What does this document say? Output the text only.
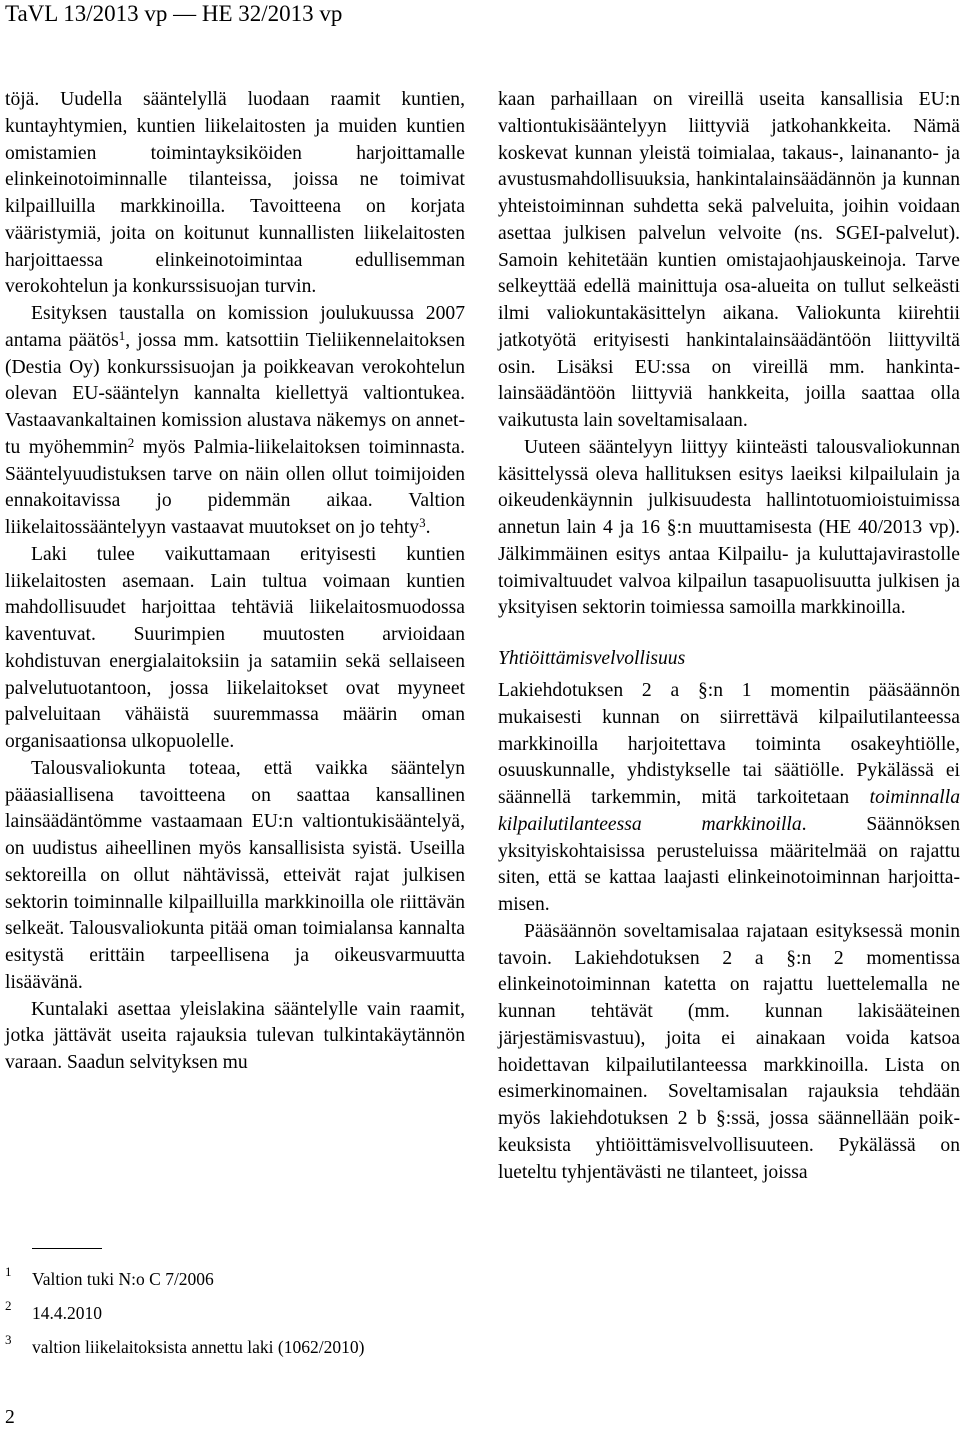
TaVL 13/2013 vp — HE 32/2013 vp

töjä. Uudella sääntelyllä luodaan raamit kuntien, kuntayhtymien, kuntien liikelaitosten ja muiden kuntien omistamien toimintayksiköiden harjoittamalle elinkeinotoiminnalle tilanteissa, joissa ne toimivat kilpailluilla markkinoilla. Tavoitteena on korjata vääristymiä, joita on koitunut kunnallisten liikelaitosten harjoittaessa elinkeinotoimintaa edullisemman verokohtelun ja konkurssisuojan turvin.

Esityksen taustalla on komission joulukuussa 2007 antama päätös$^1$, jossa mm. katsottiin Tieliikennelaitoksen (Destia Oy) konkurssisuojan ja poikkeavan verokohtelun olevan EU-sääntelyn kannalta kiellettyä valtiontukea. Vastaavankaltainen komission alustava näkemys on annettu myöhemmin$^2$ myös Palmia-liikelaitoksen toiminnasta. Sääntelyuudistuksen tarve on näin ollen ollut toimijoiden ennakoitavissa jo pidemmän aikaa. Valtion liikelaitossääntelyyn vastaavat muutokset on jo tehty$^3$.

Laki tulee vaikuttamaan erityisesti kuntien liikelaitosten asemaan. Lain tultua voimaan kuntien mahdollisuudet harjoittaa tehtäviä liikelaitosmuodossa kaventuvat. Suurimpien muutosten arvioidaan kohdistuvan energialaitoksiin ja satamiin sekä sellaiseen palvelutuotantoon, jossa liikelaitokset ovat myyneet palveluitaan vähäistä suuremmassa määrin oman organisaationsa ulkopuolelle.

Talousvaliokunta toteaa, että vaikka sääntelyn pääasiallisena tavoitteena on saattaa kansallinen lainsäädäntömme vastaamaan EU:n valtiontukisääntelyä, on uudistus aiheellinen myös kansallisista syistä. Useilla sektoreilla on ollut nähtävissä, etteivät rajat julkisen sektorin toiminnalle kilpailluilla markkinoilla ole riittävän selkeät. Talousvaliokunta pitää oman toimialansa kannalta esitystä erittäin tarpeellisena ja oikeusvarmuutta lisäävänä.

Kuntalaki asettaa yleislakina sääntelylle vain raamit, jotka jättävät useita rajauksia tulevan tulkintakäytännön varaan. Saadun selvityksen mu

1 Valtion tuki N:o C 7/2006
2 14.4.2010
3 valtion liikelaitoksista annettu laki (1062/2010)

kaan parhaillaan on vireillä useita kansallisia EU:n valtiontukisääntelyyn liittyviä jatkohankkeita. Nämä koskevat kunnan yleistä toimialaa, takaus-, lainananto- ja avustusmahdollisuuksia, hankintalainsäädännön ja kunnan yhteistoiminnan suhdetta sekä palveluita, joihin voidaan asettaa julkisen palvelun velvoite (ns. SGEI-palvelut). Samoin kehitetään kuntien omistajaohjauskeinoja. Tarve selkeyttää edellä mainittuja osa-alueita on tullut selkeästi ilmi valiokuntakäsittelyn aikana. Valiokunta kiirehtii jatkotyötä erityisesti hankintalainsäädäntöön liittyviltä osin. Lisäksi EU:ssa on vireillä mm. hankintalainsäädäntöön liittyviä hankkeita, joilla saattaa olla vaikutusta lain soveltamisalaan.

Uuteen sääntelyyn liittyy kiinteästi talousvaliokunnan käsittelyssä oleva hallituksen esitys laeiksi kilpailulain ja oikeudenkäynnin julkisuudesta hallintotuomioistuimissa annetun lain 4 ja 16 §:n muuttamisesta (HE 40/2013 vp). Jälkimmäinen esitys antaa Kilpailu- ja kuluttajavirastolle toimivaltuudet valvoa kilpailun tasapuolisuutta julkisen ja yksityisen sektorin toimiessa samoilla markkinoilla.

Yhtiöittämisvelvollisuus

Lakiehdotuksen 2 a §:n 1 momentin pääsäännön mukaisesti kunnan on siirrettävä kilpailutilanteessa markkinoilla harjoitettava toiminta osakeyhtiölle, osuuskunnalle, yhdistykselle tai säätiölle. Pykälässä ei säännellä tarkemmin, mitä tarkoitetaan toiminnalla kilpailutilanteessa markkinoilla. Säännöksen yksityiskohtaisissa perusteluissa määritelmää on rajattu siten, että se kattaa laajasti elinkeinotoiminnan harjoittamisen.

Pääsäännön soveltamisalaa rajataan esityksessä monin tavoin. Lakiehdotuksen 2 a §:n 2 momentissa elinkeinotoiminnan katetta on rajattu luettelemalla ne kunnan tehtävät (mm. kunnan lakisääteinen järjestämisvastuu), joita ei ainakaan voida katsoa hoidettavan kilpailutilanteessa markkinoilla. Lista on esimerkinomainen. Soveltamisalan rajauksia tehdään myös lakiehdotuksen 2 b §:ssä, jossa säännellään poikkeuksista yhtiöittämisvelvollisuuteen. Pykälässä on lueteltu tyhjentävästi ne tilanteet, joissa

2
